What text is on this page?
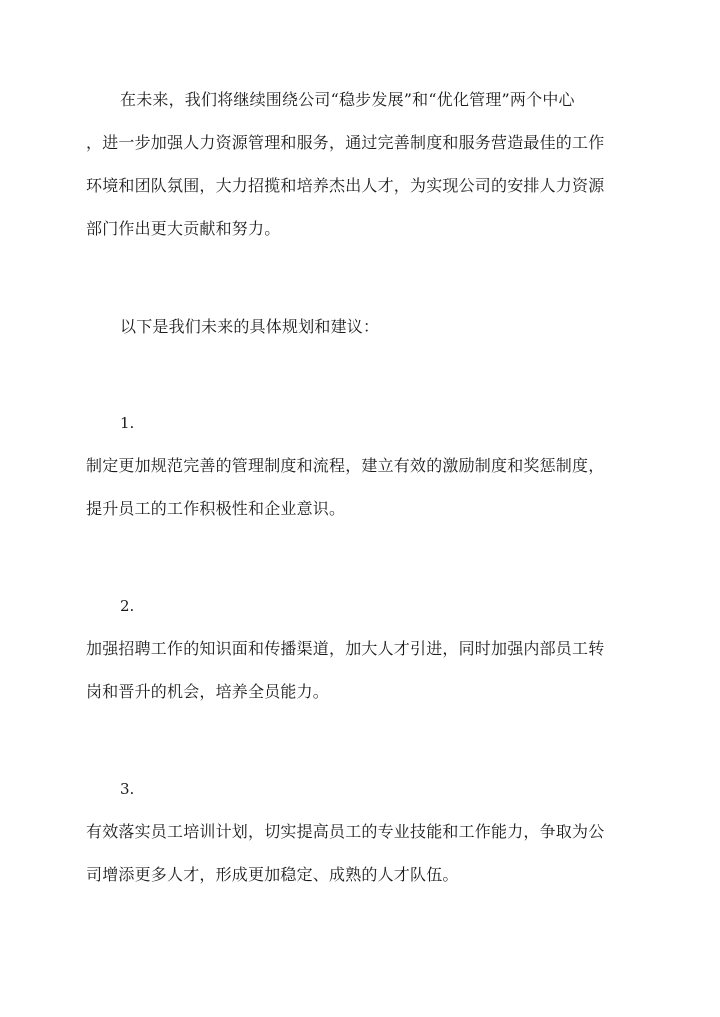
在未来，我们将继续围绕公司“稳步发展”和“优化管理”两个中心
，进一步加强人力资源管理和服务，通过完善制度和服务营造最佳的工作
环境和团队氛围，大力招揽和培养杰出人才，为实现公司的安排人力资源
部门作出更大贡献和努力。
以下是我们未来的具体规划和建议：
1.
制定更加规范完善的管理制度和流程，建立有效的激励制度和奖惩制度，
提升员工的工作积极性和企业意识。
2.
加强招聘工作的知识面和传播渠道，加大人才引进，同时加强内部员工转
岗和晋升的机会，培养全员能力。
3.
有效落实员工培训计划，切实提高员工的专业技能和工作能力，争取为公
司增添更多人才，形成更加稳定、成熟的人才队伍。
